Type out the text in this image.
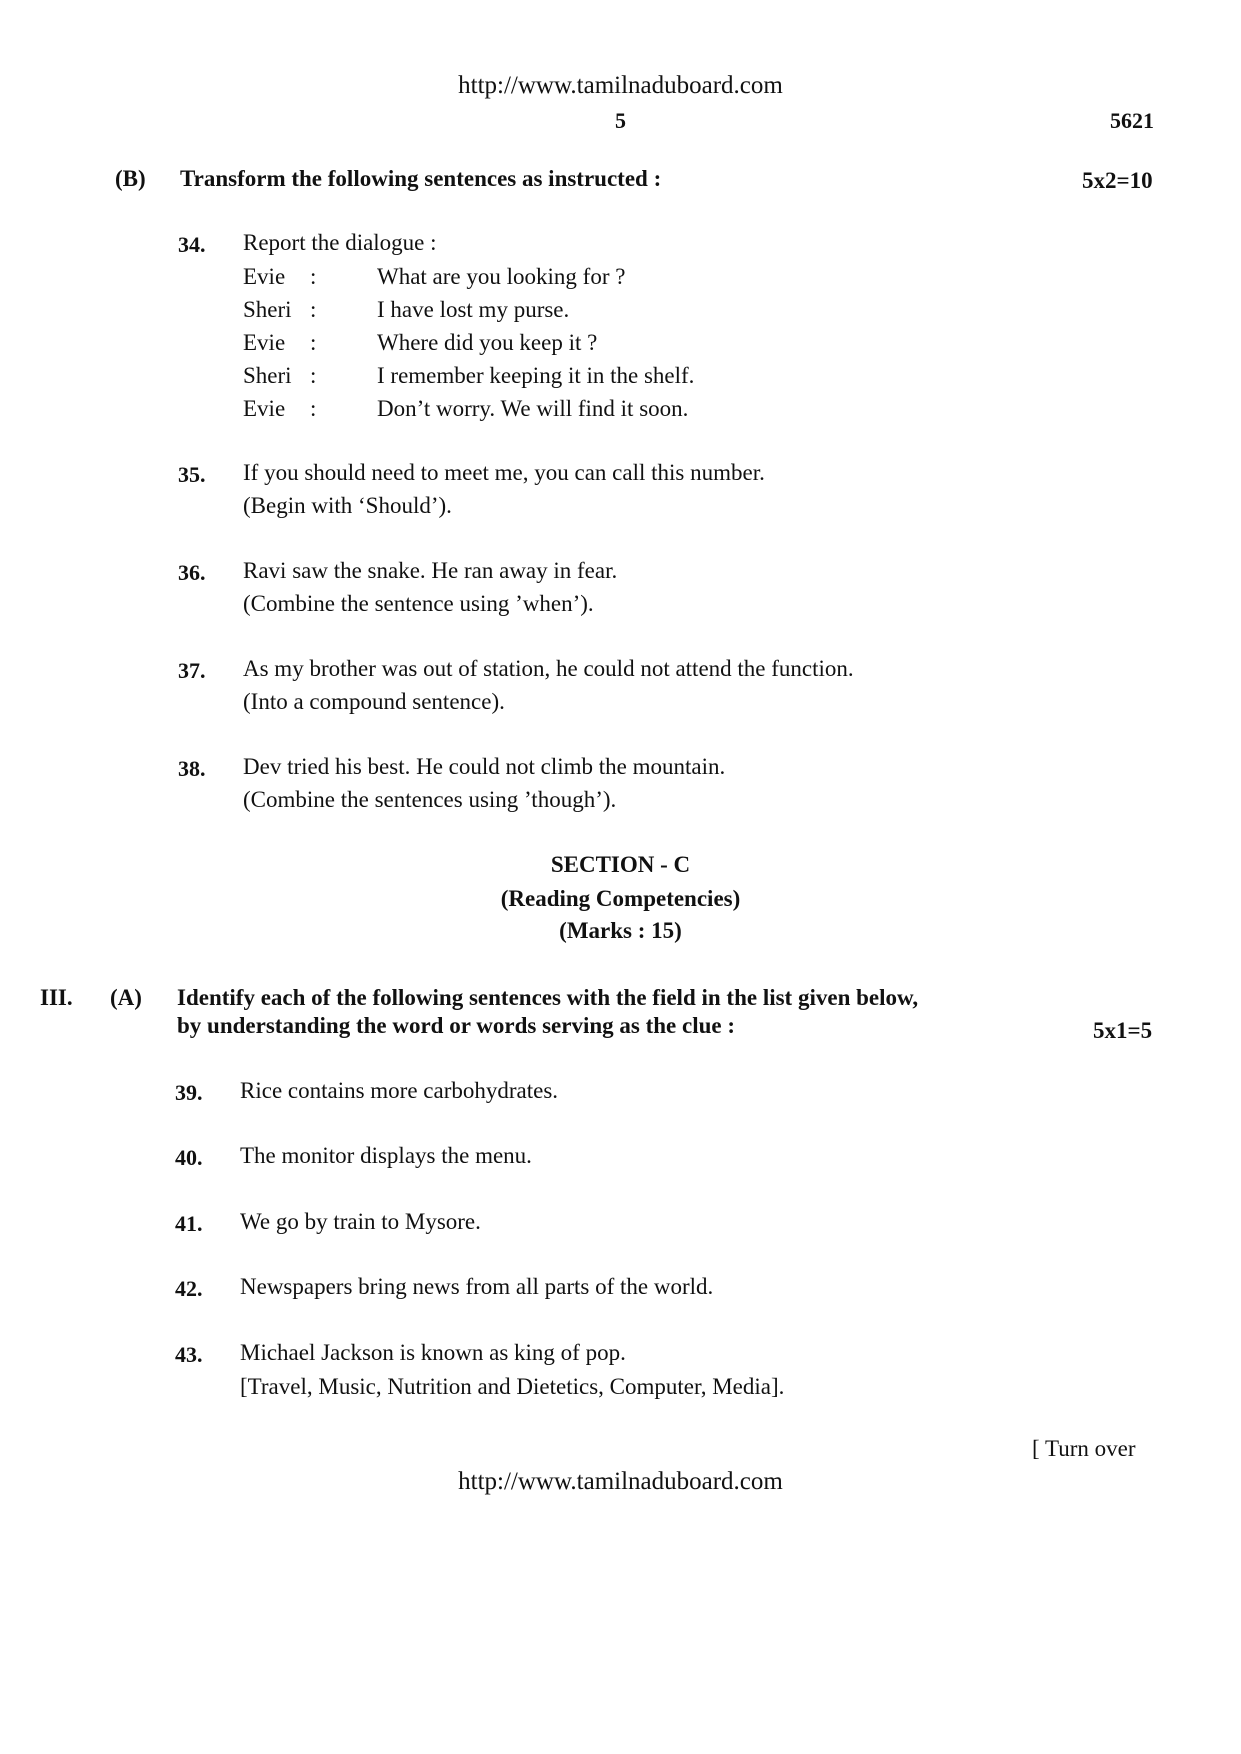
http://www.tamilnaduboard.com
5	5621
(B) Transform the following sentences as instructed :	5x2=10
34. Report the dialogue :
Evie :	What are you looking for ?
Sheri :	I have lost my purse.
Evie :	Where did you keep it ?
Sheri :	I remember keeping it in the shelf.
Evie :	Don’t worry. We will find it soon.
35. If you should need to meet me, you can call this number.
(Begin with ‘Should’).
36. Ravi saw the snake. He ran away in fear.
(Combine the sentence using ’when’).
37. As my brother was out of station, he could not attend the function.
(Into a compound sentence).
38. Dev tried his best. He could not climb the mountain.
(Combine the sentences using ’though’).
SECTION - C
(Reading Competencies)
(Marks : 15)
III. (A) Identify each of the following sentences with the field in the list given below,
by understanding the word or words serving as the clue :	5x1=5
39. Rice contains more carbohydrates.
40. The monitor displays the menu.
41. We go by train to Mysore.
42. Newspapers bring news from all parts of the world.
43. Michael Jackson is known as king of pop.
[Travel, Music, Nutrition and Dietetics, Computer, Media].
[ Turn over
http://www.tamilnaduboard.com
